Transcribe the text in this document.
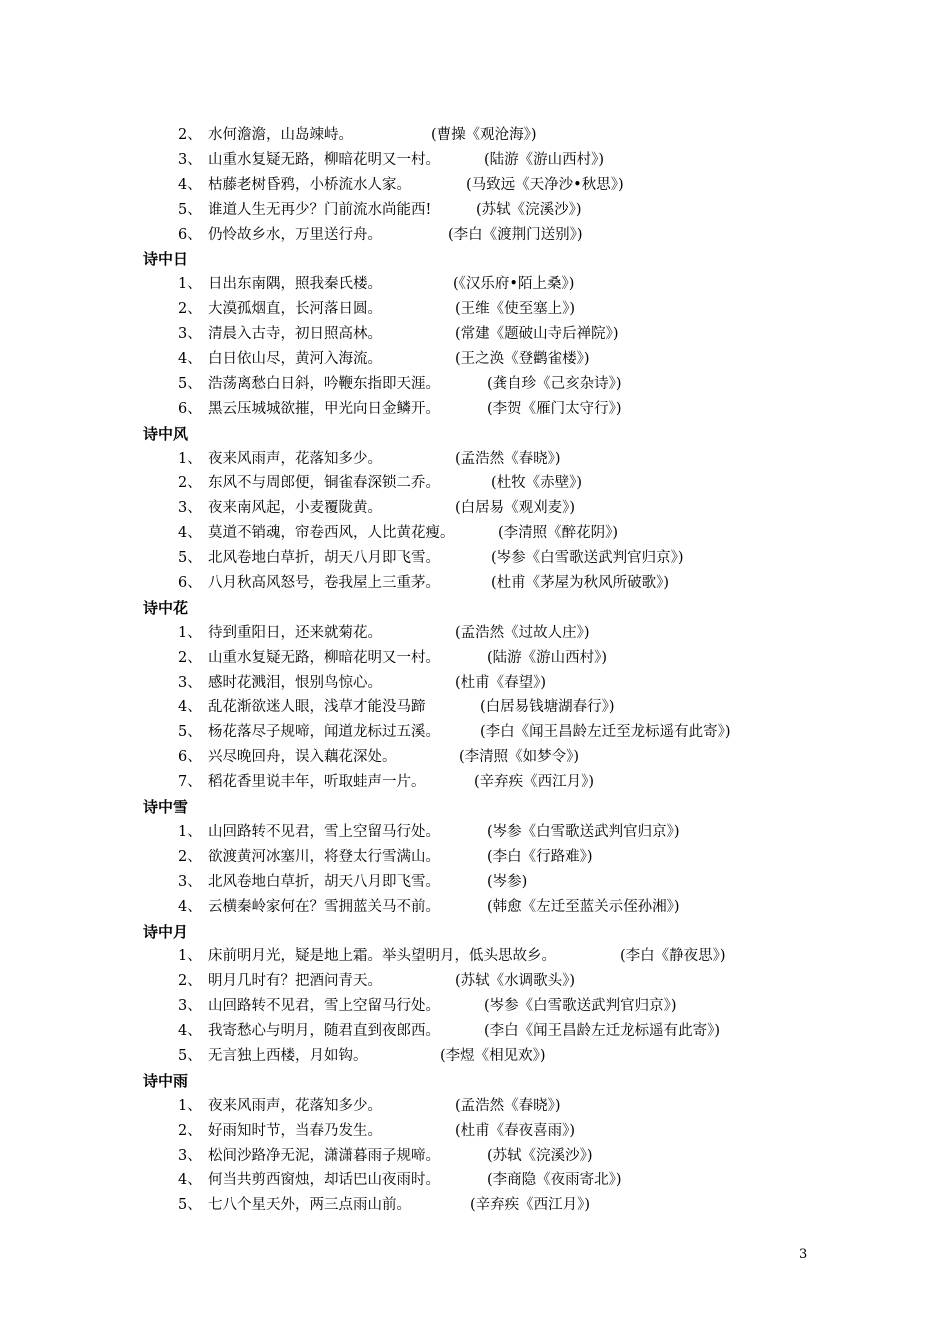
2、 水何澹澹，山岛竦峙。	(曹操《观沧海》)
3、 山重水复疑无路，柳暗花明又一村。	(陆游《游山西村》)
4、 枯藤老树昏鸦，小桥流水人家。	(马致远《天净沙•秋思》)
5、 谁道人生无再少？门前流水尚能西!	(苏轼《浣溪沙》)
6、 仍怜故乡水，万里送行舟。	(李白《渡荆门送别》)
诗中日
1、 日出东南隅，照我秦氏楼。	(《汉乐府•陌上桑》)
2、 大漠孤烟直，长河落日圆。	(王维《使至塞上》)
3、 清晨入古寺，初日照高林。	(常建《题破山寺后禅院》)
4、 白日依山尽，黄河入海流。	(王之涣《登鹳雀楼》)
5、 浩荡离愁白日斜，吟鞭东指即天涯。	(龚自珍《己亥杂诗》)
6、 黑云压城城欲摧，甲光向日金鳞开。	(李贺《雁门太守行》)
诗中风
1、 夜来风雨声，花落知多少。	(孟浩然《春晓》)
2、 东风不与周郎便，铜雀春深锁二乔。	(杜牧《赤壁》)
3、 夜来南风起，小麦覆陇黄。	(白居易《观刈麦》)
4、 莫道不销魂，帘卷西风，人比黄花瘦。	(李清照《醉花阴》)
5、 北风卷地白草折，胡天八月即飞雪。	(岑参《白雪歌送武判官归京》)
6、 八月秋高风怒号，卷我屋上三重茅。	(杜甫《茅屋为秋风所破歌》)
诗中花
1、 待到重阳日，还来就菊花。	(孟浩然《过故人庄》)
2、 山重水复疑无路，柳暗花明又一村。	(陆游《游山西村》)
3、 感时花溅泪，恨别鸟惊心。	(杜甫《春望》)
4、 乱花渐欲迷人眼，浅草才能没马蹄	(白居易钱塘湖春行》)
5、 杨花落尽子规啼，闻道龙标过五溪。	(李白《闻王昌龄左迁至龙标遥有此寄》)
6、 兴尽晚回舟，误入藕花深处。	(李清照《如梦令》)
7、 稻花香里说丰年，听取蛙声一片。	(辛弃疾《西江月》)
诗中雪
1、 山回路转不见君，雪上空留马行处。	(岑参《白雪歌送武判官归京》)
2、 欲渡黄河冰塞川，将登太行雪满山。	(李白《行路难》)
3、 北风卷地白草折，胡天八月即飞雪。	(岑参)
4、 云横秦岭家何在？雪拥蓝关马不前。	(韩愈《左迁至蓝关示侄孙湘》)
诗中月
1、 床前明月光，疑是地上霜。举头望明月，低头思故乡。	(李白《静夜思》)
2、 明月几时有？把酒问青天。	(苏轼《水调歌头》)
3、 山回路转不见君，雪上空留马行处。	(岑参《白雪歌送武判官归京》)
4、 我寄愁心与明月，随君直到夜郎西。	(李白《闻王昌龄左迁龙标遥有此寄》)
5、 无言独上西楼，月如钩。	(李煜《相见欢》)
诗中雨
1、 夜来风雨声，花落知多少。	(孟浩然《春晓》)
2、 好雨知时节，当春乃发生。	(杜甫《春夜喜雨》)
3、 松间沙路净无泥，潇潇暮雨子规啼。	(苏轼《浣溪沙》)
4、 何当共剪西窗烛，却话巴山夜雨时。	(李商隐《夜雨寄北》)
5、 七八个星天外，两三点雨山前。	(辛弃疾《西江月》)
3
